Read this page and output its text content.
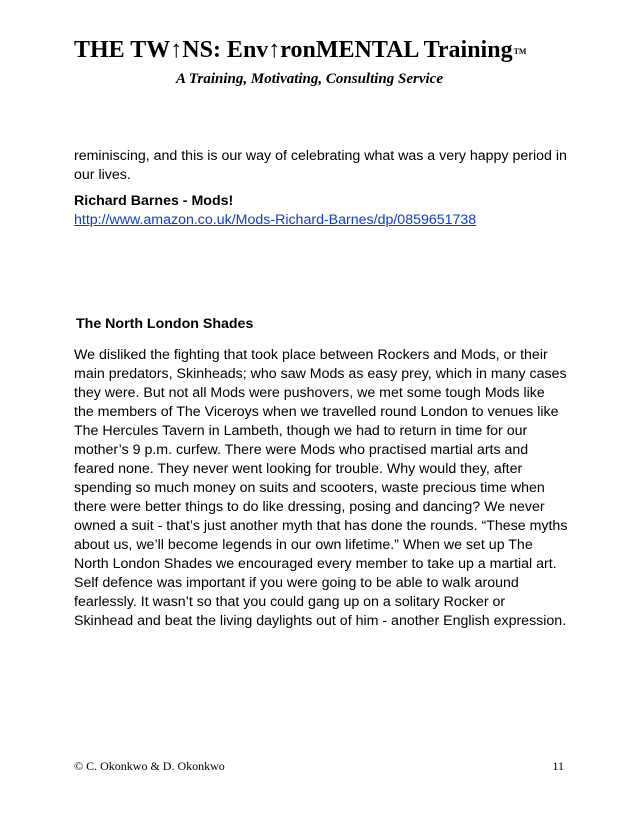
THE TW↑NS: Env↑ronMENTAL TrainingTM
A Training, Motivating, Consulting Service

reminiscing, and this is our way of celebrating what was a very happy period in our lives.

Richard Barnes - Mods!
http://www.amazon.co.uk/Mods-Richard-Barnes/dp/0859651738
The North London Shades

We disliked the fighting that took place between Rockers and Mods, or their main predators, Skinheads; who saw Mods as easy prey, which in many cases they were. But not all Mods were pushovers, we met some tough Mods like the members of The Viceroys when we travelled round London to venues like The Hercules Tavern in Lambeth, though we had to return in time for our mother’s 9 p.m. curfew. There were Mods who practised martial arts and feared none. They never went looking for trouble. Why would they, after spending so much money on suits and scooters, waste precious time when there were better things to do like dressing, posing and dancing? We never owned a suit - that’s just another myth that has done the rounds. “These myths about us, we’ll become legends in our own lifetime.” When we set up The North London Shades we encouraged every member to take up a martial art. Self defence was important if you were going to be able to walk around fearlessly. It wasn’t so that you could gang up on a solitary Rocker or Skinhead and beat the living daylights out of him - another English expression.

© C. Okonkwo & D. Okonkwo	11
